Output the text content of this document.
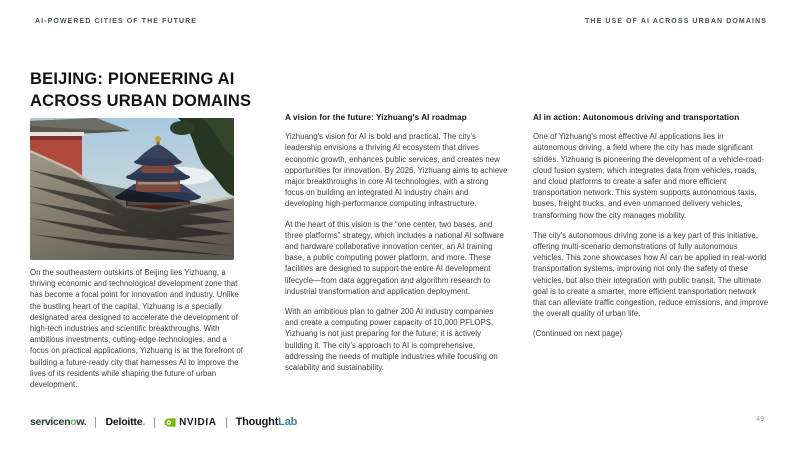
AI-POWERED CITIES OF THE FUTURE	THE USE OF AI ACROSS URBAN DOMAINS
BEIJING: PIONEERING AI ACROSS URBAN DOMAINS

On the southeastern outskirts of Beijing lies Yizhuang, a thriving economic and technological development zone that has become a focal point for innovation and industry. Unlike the bustling heart of the capital, Yizhuang is a specially designated area designed to accelerate the development of high-tech industries and scientific breakthroughs. With ambitious investments, cutting-edge technologies, and a focus on practical applications, Yizhuang is at the forefront of building a future-ready city that harnesses AI to improve the lives of its residents while shaping the future of urban development.

A vision for the future: Yizhuang's AI roadmap

Yizhuang's vision for AI is bold and practical. The city's leadership envisions a thriving AI ecosystem that drives economic growth, enhances public services, and creates new opportunities for innovation. By 2026, Yizhuang aims to achieve major breakthroughs in core AI technologies, with a strong focus on building an integrated AI industry chain and developing high-performance computing infrastructure.

At the heart of this vision is the “one center, two bases, and three platforms” strategy, which includes a national AI software and hardware collaborative innovation center, an AI training base, a public computing power platform, and more. These facilities are designed to support the entire AI development lifecycle—from data aggregation and algorithm research to industrial transformation and application deployment.

With an ambitious plan to gather 200 AI industry companies and create a computing power capacity of 10,000 PFLOPS, Yizhuang is not just preparing for the future; it is actively building it. The city's approach to AI is comprehensive, addressing the needs of multiple industries while focusing on scalability and sustainability.

AI in action: Autonomous driving and transportation

One of Yizhuang's most effective AI applications lies in autonomous driving, a field where the city has made significant strides. Yizhuang is pioneering the development of a vehicle-road-cloud fusion system, which integrates data from vehicles, roads, and cloud platforms to create a safer and more efficient transportation network. This system supports autonomous taxis, buses, freight trucks, and even unmanned delivery vehicles, transforming how the city manages mobility.

The city's autonomous driving zone is a key part of this initiative, offering multi-scenario demonstrations of fully autonomous vehicles. This zone showcases how AI can be applied in real-world transportation systems, improving not only the safety of these vehicles, but also their integration with public transit. The ultimate goal is to create a smarter, more efficient transportation network that can alleviate traffic congestion, reduce emissions, and improve the overall quality of urban life.

(Continued on next page)

servicenow. Deloitte.	NVIDIA ThoughtLab	49
